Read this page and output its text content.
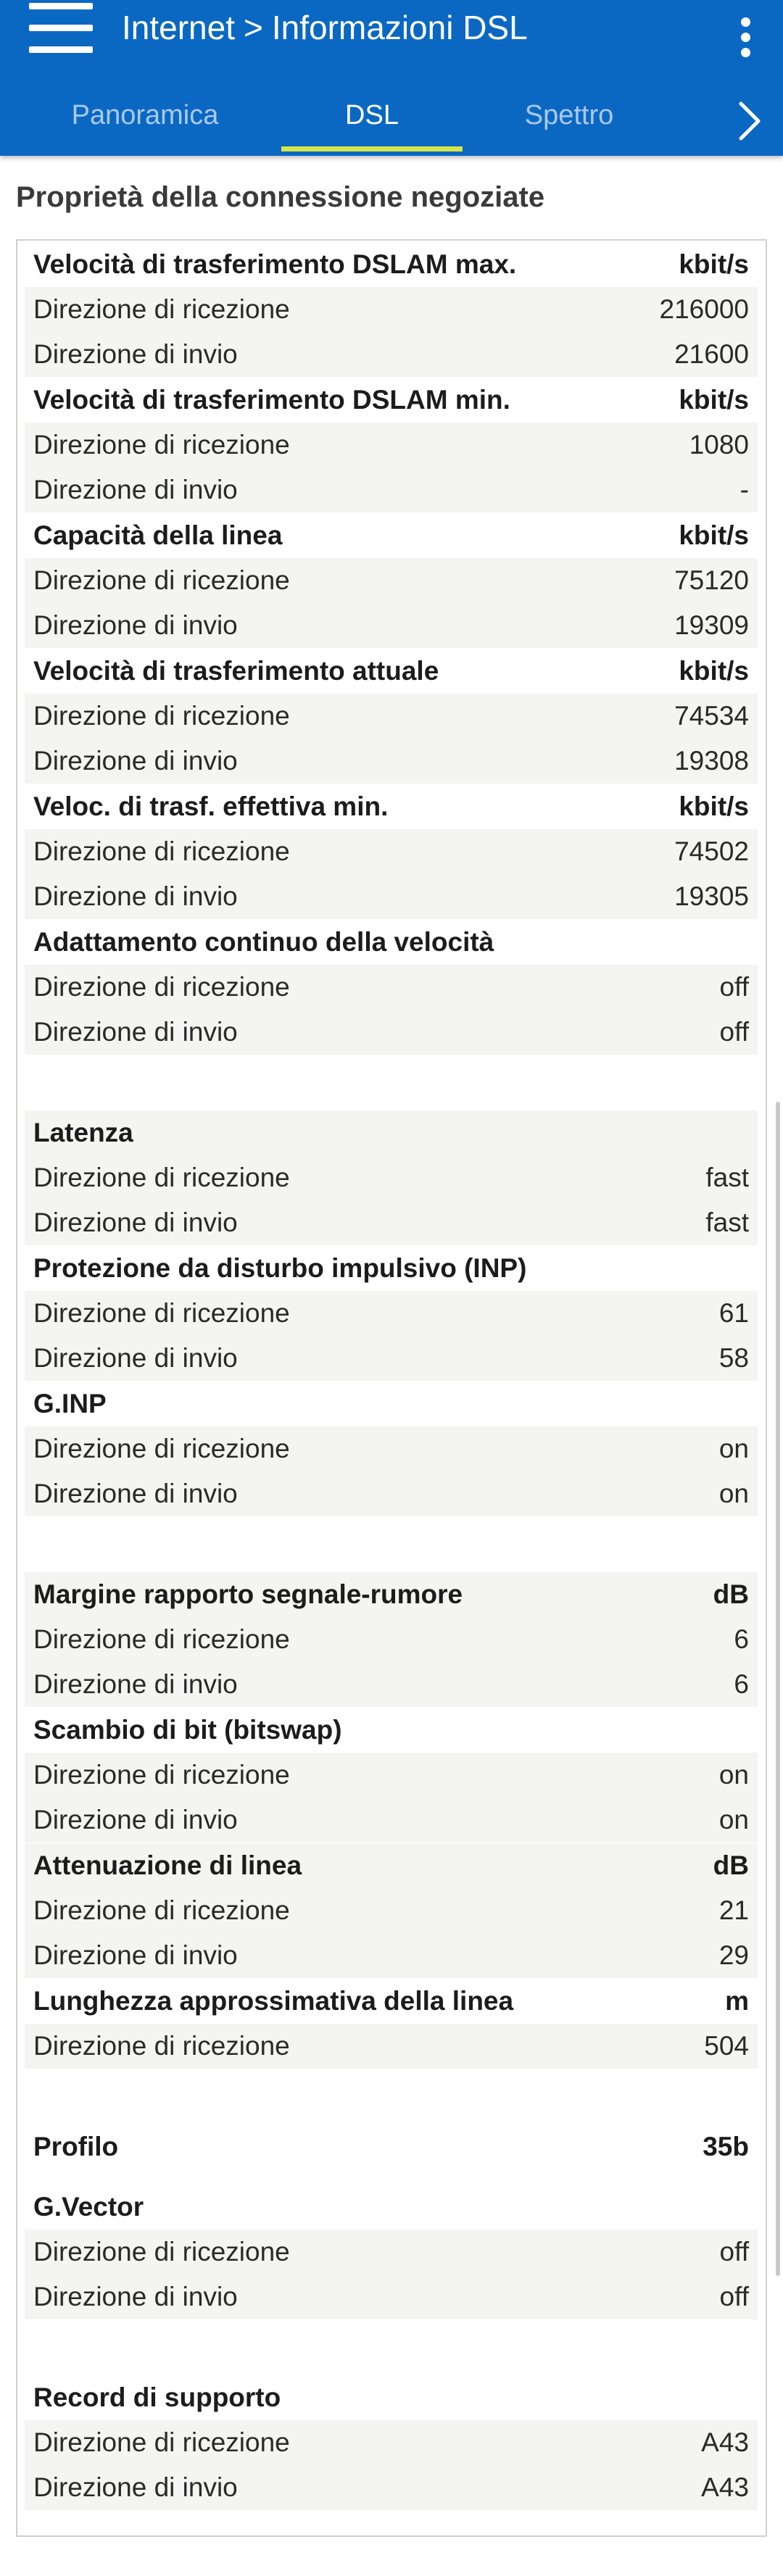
Internet > Informazioni DSL
Panoramica	DSL	Spettro
Proprietà della connessione negoziate
Velocità di trasferimento DSLAM max.	kbit/s
Direzione di ricezione	216000
Direzione di invio	21600
Velocità di trasferimento DSLAM min.	kbit/s
Direzione di ricezione	1080
Direzione di invio	-
Capacità della linea	kbit/s
Direzione di ricezione	75120
Direzione di invio	19309
Velocità di trasferimento attuale	kbit/s
Direzione di ricezione	74534
Direzione di invio	19308
Veloc. di trasf. effettiva min.	kbit/s
Direzione di ricezione	74502
Direzione di invio	19305
Adattamento continuo della velocità
Direzione di ricezione	off
Direzione di invio	off
Latenza
Direzione di ricezione	fast
Direzione di invio	fast
Protezione da disturbo impulsivo (INP)
Direzione di ricezione	61
Direzione di invio	58
G.INP
Direzione di ricezione	on
Direzione di invio	on
Margine rapporto segnale-rumore	dB
Direzione di ricezione	6
Direzione di invio	6
Scambio di bit (bitswap)
Direzione di ricezione	on
Direzione di invio	on
Attenuazione di linea	dB
Direzione di ricezione	21
Direzione di invio	29
Lunghezza approssimativa della linea	m
Direzione di ricezione	504
Profilo	35b
G.Vector
Direzione di ricezione	off
Direzione di invio	off
Record di supporto
Direzione di ricezione	A43
Direzione di invio	A43
